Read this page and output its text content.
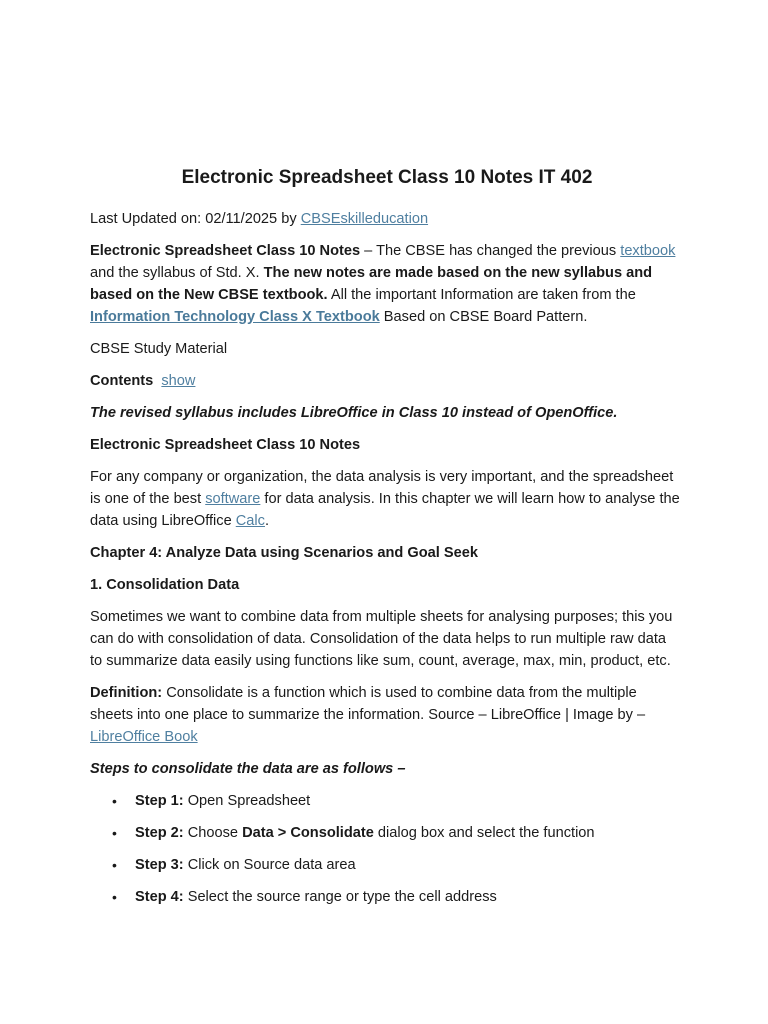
Electronic Spreadsheet Class 10 Notes IT 402

Last Updated on: 02/11/2025 by CBSEskilleducation

Electronic Spreadsheet Class 10 Notes – The CBSE has changed the previous textbook and the syllabus of Std. X. The new notes are made based on the new syllabus and based on the New CBSE textbook. All the important Information are taken from the Information Technology Class X Textbook Based on CBSE Board Pattern.

CBSE Study Material

Contents show

The revised syllabus includes LibreOffice in Class 10 instead of OpenOffice.

Electronic Spreadsheet Class 10 Notes

For any company or organization, the data analysis is very important, and the spreadsheet is one of the best software for data analysis. In this chapter we will learn how to analyse the data using LibreOffice Calc.

Chapter 4: Analyze Data using Scenarios and Goal Seek

1. Consolidation Data

Sometimes we want to combine data from multiple sheets for analysing purposes; this you can do with consolidation of data. Consolidation of the data helps to run multiple raw data to summarize data easily using functions like sum, count, average, max, min, product, etc.

Definition: Consolidate is a function which is used to combine data from the multiple sheets into one place to summarize the information. Source – LibreOffice | Image by – LibreOffice Book

Steps to consolidate the data are as follows –

• Step 1: Open Spreadsheet
• Step 2: Choose Data > Consolidate dialog box and select the function
• Step 3: Click on Source data area
• Step 4: Select the source range or type the cell address
